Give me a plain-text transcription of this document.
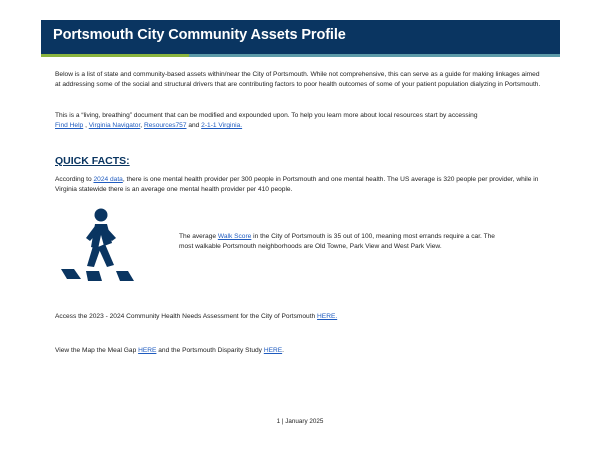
Portsmouth City Community Assets Profile
Below is a list of state and community-based assets within/near the City of Portsmouth. While not comprehensive, this can serve as a guide for making linkages aimed at addressing some of the social and structural drivers that are contributing factors to poor health outcomes of some of your patient population dialyzing in Portsmouth.
This is a “living, breathing” document that can be modified and expounded upon. To help you learn more about local resources start by accessing
Find Help , Virginia Navigator, Resources757 and 2-1-1 Virginia.
QUICK FACTS:
According to 2024 data, there is one mental health provider per 300 people in Portsmouth and one mental health. The US average is 320 people per provider, while in Virginia statewide there is an average one mental health provider per 410 people.
The average Walk Score in the City of Portsmouth is 35 out of 100, meaning most errands require a car. The most walkable Portsmouth neighborhoods are Old Towne, Park View and West Park View.
Access the 2023 - 2024 Community Health Needs Assessment for the City of Portsmouth HERE.
View the Map the Meal Gap HERE and the Portsmouth Disparity Study HERE.
1 | January 2025
